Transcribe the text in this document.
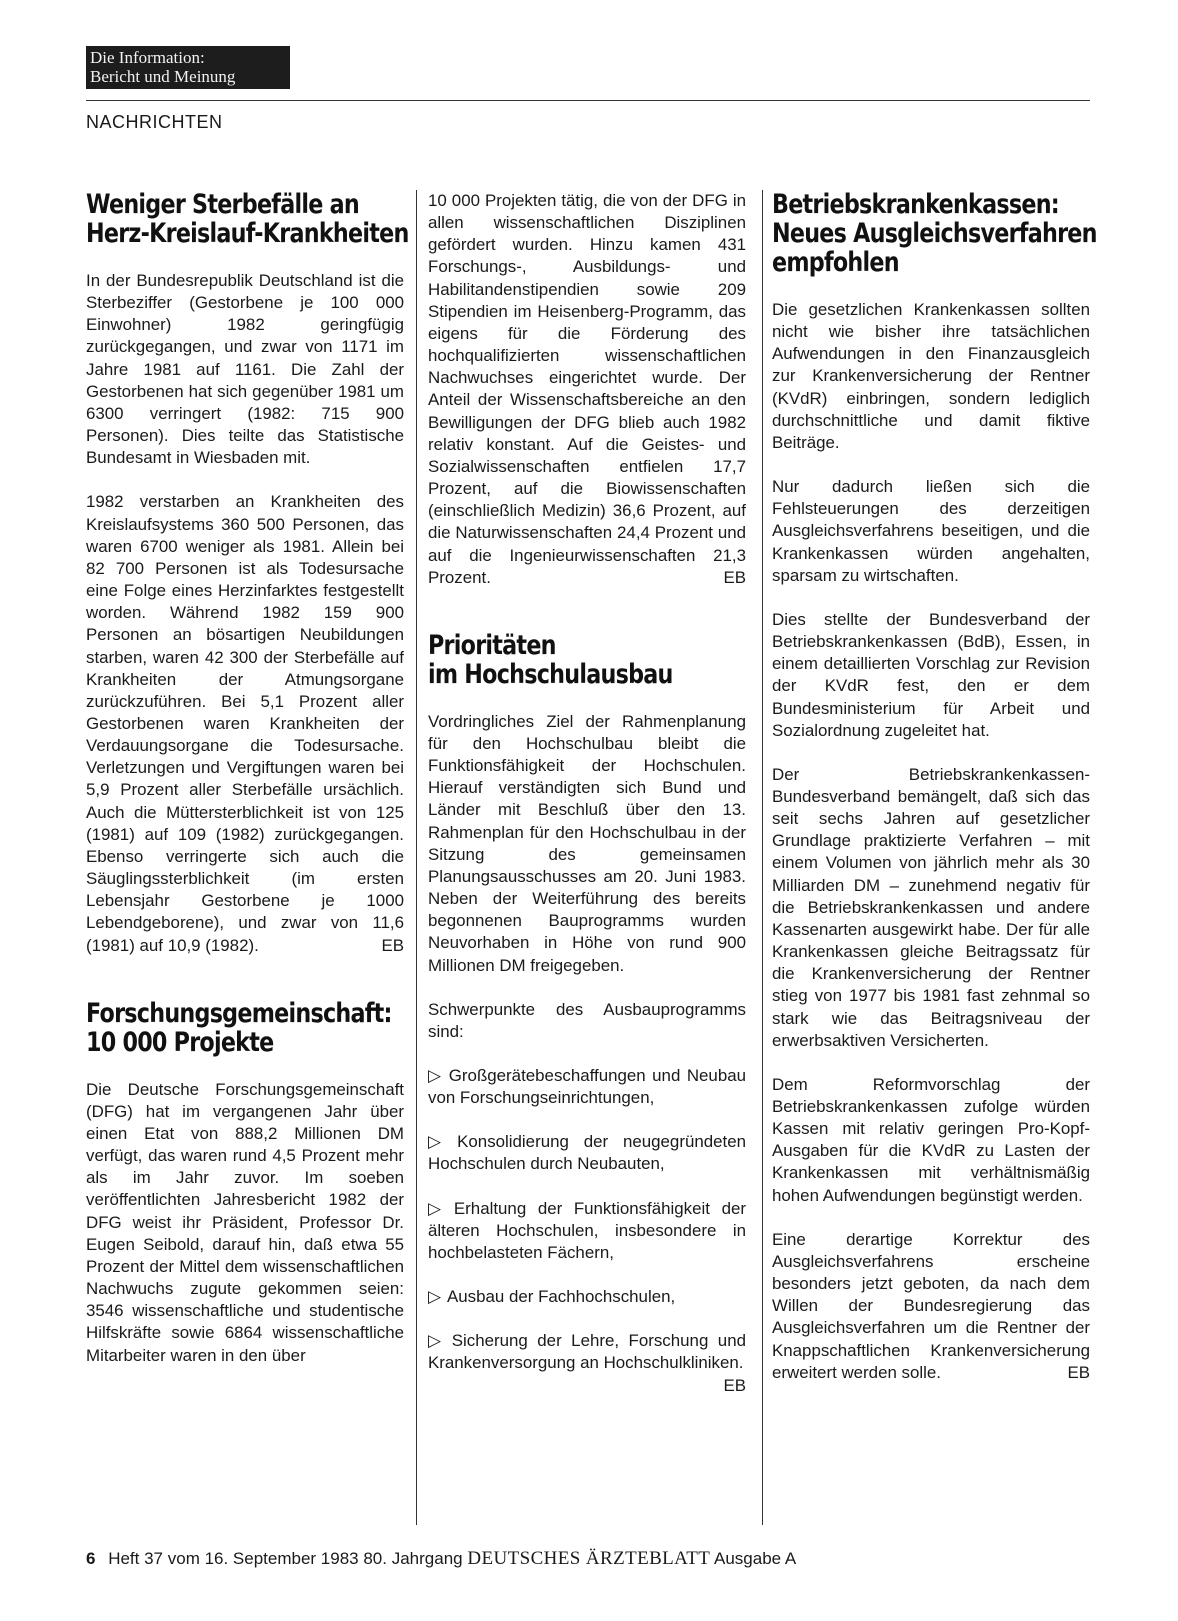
Die Information:
Bericht und Meinung
NACHRICHTEN
Weniger Sterbefälle an
Herz-Kreislauf-Krankheiten

In der Bundesrepublik Deutschland ist die Sterbeziffer (Gestorbene je 100 000 Einwohner) 1982 geringfügig zurückgegangen, und zwar von 1171 im Jahre 1981 auf 1161. Die Zahl der Gestorbenen hat sich gegenüber 1981 um 6300 verringert (1982: 715 900 Personen). Dies teilte das Statistische Bundesamt in Wiesbaden mit.

1982 verstarben an Krankheiten des Kreislaufsystems 360 500 Personen, das waren 6700 weniger als 1981. Allein bei 82 700 Personen ist als Todesursache eine Folge eines Herzinfarktes festgestellt worden. Während 1982 159 900 Personen an bösartigen Neubildungen starben, waren 42 300 der Sterbefälle auf Krankheiten der Atmungsorgane zurückzuführen. Bei 5,1 Prozent aller Gestorbenen waren Krankheiten der Verdauungsorgane die Todesursache. Verletzungen und Vergiftungen waren bei 5,9 Prozent aller Sterbefälle ursächlich. Auch die Müttersterblichkeit ist von 125 (1981) auf 109 (1982) zurückgegangen. Ebenso verringerte sich auch die Säuglingssterblichkeit (im ersten Lebensjahr Gestorbene je 1000 Lebendgeborene), und zwar von 11,6 (1981) auf 10,9 (1982).	EB

Forschungsgemeinschaft:
10 000 Projekte

Die Deutsche Forschungsgemeinschaft (DFG) hat im vergangenen Jahr über einen Etat von 888,2 Millionen DM verfügt, das waren rund 4,5 Prozent mehr als im Jahr zuvor. Im soeben veröffentlichten Jahresbericht 1982 der DFG weist ihr Präsident, Professor Dr. Eugen Seibold, darauf hin, daß etwa 55 Prozent der Mittel dem wissenschaftlichen Nachwuchs zugute gekommen seien: 3546 wissenschaftliche und studentische Hilfskräfte sowie 6864 wissenschaftliche Mitarbeiter waren in den über

10 000 Projekten tätig, die von der DFG in allen wissenschaftlichen Disziplinen gefördert wurden. Hinzu kamen 431 Forschungs-, Ausbildungs- und Habilitandenstipendien sowie 209 Stipendien im Heisenberg-Programm, das eigens für die Förderung des hochqualifizierten wissenschaftlichen Nachwuchses eingerichtet wurde. Der Anteil der Wissenschaftsbereiche an den Bewilligungen der DFG blieb auch 1982 relativ konstant. Auf die Geistes- und Sozialwissenschaften entfielen 17,7 Prozent, auf die Biowissenschaften (einschließlich Medizin) 36,6 Prozent, auf die Naturwissenschaften 24,4 Prozent und auf die Ingenieurwissenschaften 21,3 Prozent.	EB

Prioritäten
im Hochschulausbau

Vordringliches Ziel der Rahmenplanung für den Hochschulbau bleibt die Funktionsfähigkeit der Hochschulen. Hierauf verständigten sich Bund und Länder mit Beschluß über den 13. Rahmenplan für den Hochschulbau in der Sitzung des gemeinsamen Planungsausschusses am 20. Juni 1983. Neben der Weiterführung des bereits begonnenen Bauprogramms wurden Neuvorhaben in Höhe von rund 900 Millionen DM freigegeben.

Schwerpunkte des Ausbauprogramms sind:

▷ Großgerätebeschaffungen und Neubau von Forschungseinrichtungen,

▷ Konsolidierung der neugegründeten Hochschulen durch Neubauten,

▷ Erhaltung der Funktionsfähigkeit der älteren Hochschulen, insbesondere in hochbelasteten Fächern,

▷ Ausbau der Fachhochschulen,

▷ Sicherung der Lehre, Forschung und Krankenversorgung an Hochschulkliniken.
EB

Betriebskrankenkassen:
Neues Ausgleichsverfahren
empfohlen

Die gesetzlichen Krankenkassen sollten nicht wie bisher ihre tatsächlichen Aufwendungen in den Finanzausgleich zur Krankenversicherung der Rentner (KVdR) einbringen, sondern lediglich durchschnittliche und damit fiktive Beiträge.

Nur dadurch ließen sich die Fehlsteuerungen des derzeitigen Ausgleichsverfahrens beseitigen, und die Krankenkassen würden angehalten, sparsam zu wirtschaften.

Dies stellte der Bundesverband der Betriebskrankenkassen (BdB), Essen, in einem detaillierten Vorschlag zur Revision der KVdR fest, den er dem Bundesministerium für Arbeit und Sozialordnung zugeleitet hat.

Der Betriebskrankenkassen-Bundesverband bemängelt, daß sich das seit sechs Jahren auf gesetzlicher Grundlage praktizierte Verfahren – mit einem Volumen von jährlich mehr als 30 Milliarden DM – zunehmend negativ für die Betriebskrankenkassen und andere Kassenarten ausgewirkt habe. Der für alle Krankenkassen gleiche Beitragssatz für die Krankenversicherung der Rentner stieg von 1977 bis 1981 fast zehnmal so stark wie das Beitragsniveau der erwerbsaktiven Versicherten.

Dem Reformvorschlag der Betriebskrankenkassen zufolge würden Kassen mit relativ geringen Pro-Kopf-Ausgaben für die KVdR zu Lasten der Krankenkassen mit verhältnismäßig hohen Aufwendungen begünstigt werden.

Eine derartige Korrektur des Ausgleichsverfahrens erscheine besonders jetzt geboten, da nach dem Willen der Bundesregierung das Ausgleichsverfahren um die Rentner der Knappschaftlichen Krankenversicherung erweitert werden solle.	EB

6 Heft 37 vom 16. September 1983 80. Jahrgang DEUTSCHES ÄRZTEBLATT Ausgabe A
